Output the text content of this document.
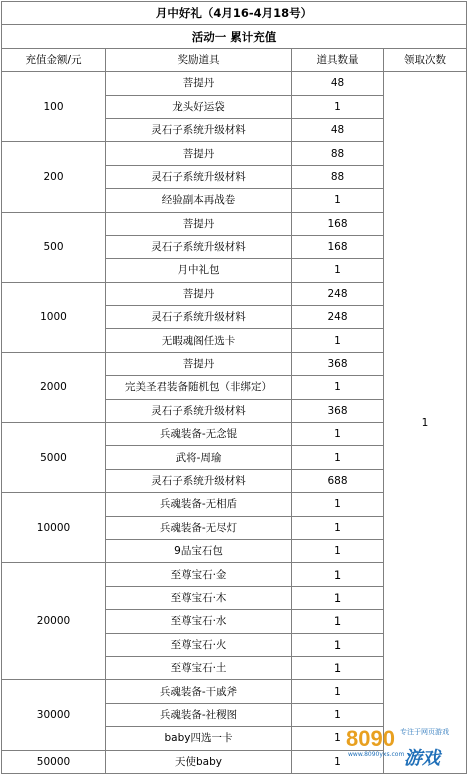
月中好礼（4月16-4月18号）			
活动一 累计充值			
充值金额/元	奖励道具	道具数量	领取次数
100	菩提丹	48	1
	龙头好运袋	1	
	灵石子系统升级材料	48	
200	菩提丹	88	
	灵石子系统升级材料	88	
	经验副本再战卷	1	
500	菩提丹	168	
	灵石子系统升级材料	168	
	月中礼包	1	
1000	菩提丹	248	
	灵石子系统升级材料	248	
	无暇魂阁任选卡	1	
2000	菩提丹	368	
	完美圣君装备随机包（非绑定）	1	
	灵石子系统升级材料	368	
5000	兵魂装备-无念锟	1	
	武将-周瑜	1	
	灵石子系统升级材料	688	
10000	兵魂装备-无相盾	1	
	兵魂装备-无尽灯	1	
	9品宝石包	1	
20000	至尊宝石·金	1	
	至尊宝石·木	1	
	至尊宝石·水	1	
	至尊宝石·火	1	
	至尊宝石·土	1	
30000	兵魂装备-干戚斧	1	
	兵魂装备-社稷图	1	
	baby四选一卡	1	
50000	天使baby	1	
8090 专注于网页游戏
www.8090yxs.com 游戏
